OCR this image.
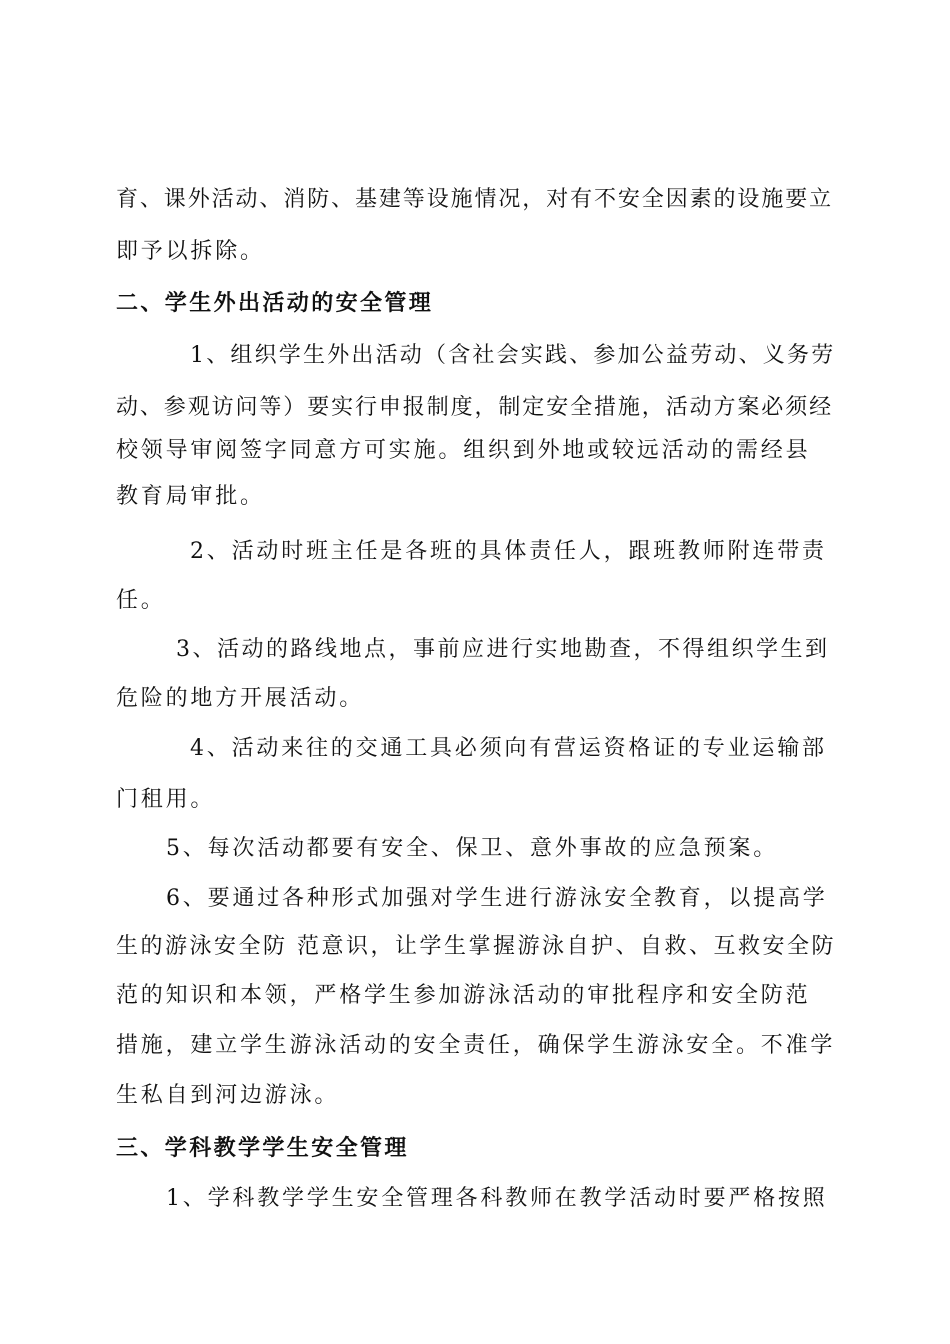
育、课外活动、消防、基建等设施情况，对有不安全因素的设施要立
即予以拆除。
二、学生外出活动的安全管理
1、组织学生外出活动（含社会实践、参加公益劳动、义务劳
动、参观访问等）要实行申报制度，制定安全措施，活动方案必须经
校领导审阅签字同意方可实施。组织到外地或较远活动的需经县
教育局审批。
2、活动时班主任是各班的具体责任人，跟班教师附连带责
任。
3、活动的路线地点，事前应进行实地勘查，不得组织学生到
危险的地方开展活动。
4、活动来往的交通工具必须向有营运资格证的专业运输部
门租用。
5、每次活动都要有安全、保卫、意外事故的应急预案。
6、要通过各种形式加强对学生进行游泳安全教育，以提高学
生的游泳安全防 范意识，让学生掌握游泳自护、自救、互救安全防
范的知识和本领，严格学生参加游泳活动的审批程序和安全防范
措施，建立学生游泳活动的安全责任，确保学生游泳安全。不准学
生私自到河边游泳。
三、学科教学学生安全管理
1、学科教学学生安全管理各科教师在教学活动时要严格按照
